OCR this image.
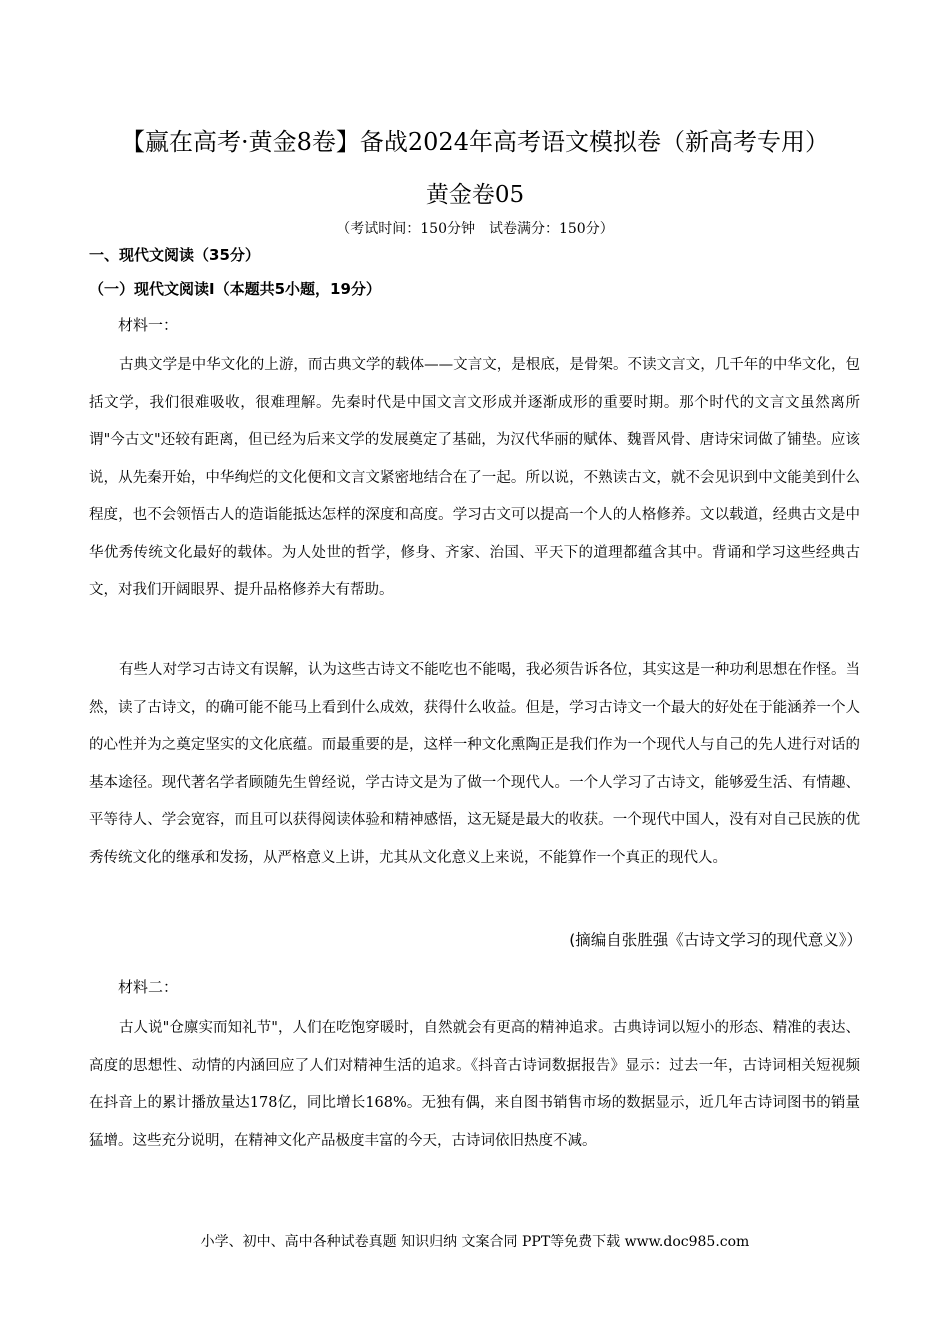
【赢在高考·黄金8卷】备战2024年高考语文模拟卷（新高考专用）
黄金卷05
（考试时间：150分钟　试卷满分：150分）
一、现代文阅读（35分）
（一）现代文阅读Ⅰ（本题共5小题，19分）
材料一：

古典文学是中华文化的上游，而古典文学的载体——文言文，是根底，是骨架。不读文言文，几千年的中华文化，包括文学，我们很难吸收，很难理解。先秦时代是中国文言文形成并逐渐成形的重要时期。那个时代的文言文虽然离所谓"今古文"还较有距离，但已经为后来文学的发展奠定了基础，为汉代华丽的赋体、魏晋风骨、唐诗宋词做了铺垫。应该说，从先秦开始，中华绚烂的文化便和文言文紧密地结合在了一起。所以说，不熟读古文，就不会见识到中文能美到什么程度，也不会领悟古人的造诣能抵达怎样的深度和高度。学习古文可以提高一个人的人格修养。文以载道，经典古文是中华优秀传统文化最好的载体。为人处世的哲学，修身、齐家、治国、平天下的道理都蕴含其中。背诵和学习这些经典古文，对我们开阔眼界、提升品格修养大有帮助。

有些人对学习古诗文有误解，认为这些古诗文不能吃也不能喝，我必须告诉各位，其实这是一种功利思想在作怪。当然，读了古诗文，的确可能不能马上看到什么成效，获得什么收益。但是，学习古诗文一个最大的好处在于能涵养一个人的心性并为之奠定坚实的文化底蕴。而最重要的是，这样一种文化熏陶正是我们作为一个现代人与自己的先人进行对话的基本途径。现代著名学者顾随先生曾经说，学古诗文是为了做一个现代人。一个人学习了古诗文，能够爱生活、有情趣、平等待人、学会宽容，而且可以获得阅读体验和精神感悟，这无疑是最大的收获。一个现代中国人，没有对自己民族的优秀传统文化的继承和发扬，从严格意义上讲，尤其从文化意义上来说，不能算作一个真正的现代人。

(摘编自张胜强《古诗文学习的现代意义》）
材料二：

古人说"仓廪实而知礼节"，人们在吃饱穿暖时，自然就会有更高的精神追求。古典诗词以短小的形态、精准的表达、高度的思想性、动情的内涵回应了人们对精神生活的追求。《抖音古诗词数据报告》显示：过去一年，古诗词相关短视频在抖音上的累计播放量达178亿，同比增长168%。无独有偶，来自图书销售市场的数据显示，近几年古诗词图书的销量猛增。这些充分说明，在精神文化产品极度丰富的今天，古诗词依旧热度不减。

小学、初中、高中各种试卷真题 知识归纳 文案合同 PPT等免费下载 www.doc985.com
